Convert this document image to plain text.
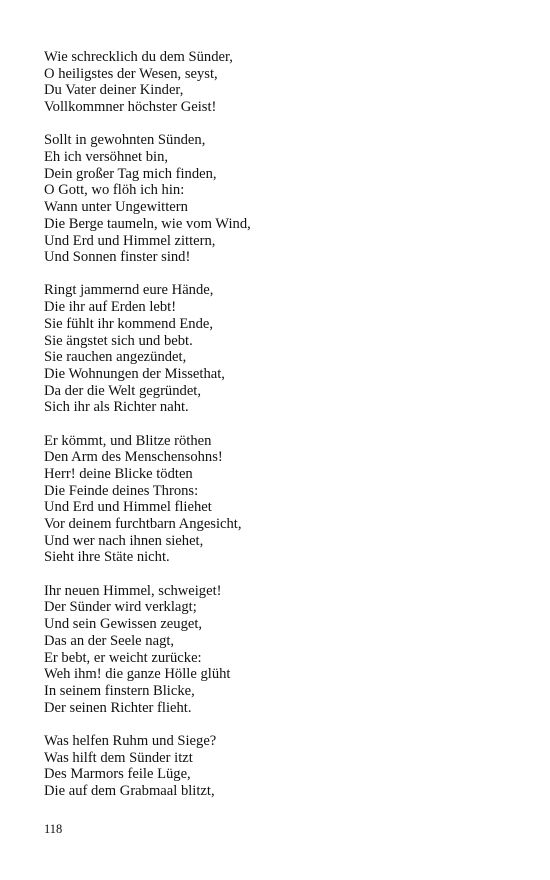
Wie schrecklich du dem Sünder,
O heiligstes der Wesen, seyst,
Du Vater deiner Kinder,
Vollkommner höchster Geist!
Sollt in gewohnten Sünden,
Eh ich versöhnet bin,
Dein großer Tag mich finden,
O Gott, wo flöh ich hin:
Wann unter Ungewittern
Die Berge taumeln, wie vom Wind,
Und Erd und Himmel zittern,
Und Sonnen finster sind!
Ringt jammernd eure Hände,
Die ihr auf Erden lebt!
Sie fühlt ihr kommend Ende,
Sie ängstet sich und bebt.
Sie rauchen angezündet,
Die Wohnungen der Missethat,
Da der die Welt gegründet,
Sich ihr als Richter naht.
Er kömmt, und Blitze röthen
Den Arm des Menschensohns!
Herr! deine Blicke tödten
Die Feinde deines Throns:
Und Erd und Himmel fliehet
Vor deinem furchtbarn Angesicht,
Und wer nach ihnen siehet,
Sieht ihre Stäte nicht.
Ihr neuen Himmel, schweiget!
Der Sünder wird verklagt;
Und sein Gewissen zeuget,
Das an der Seele nagt,
Er bebt, er weicht zurücke:
Weh ihm! die ganze Hölle glüht
In seinem finstern Blicke,
Der seinen Richter flieht.
Was helfen Ruhm und Siege?
Was hilft dem Sünder itzt
Des Marmors feile Lüge,
Die auf dem Grabmaal blitzt,
118
